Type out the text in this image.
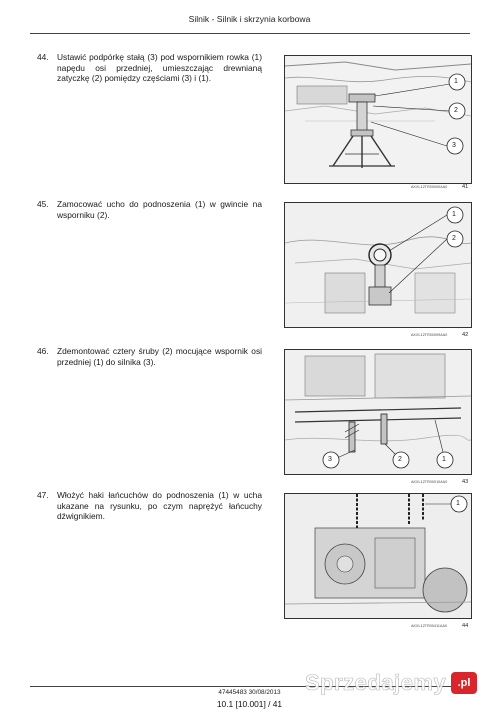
Silnik - Silnik i skrzynia korbowa
44. Ustawić podpórkę stałą (3) pod wspornikiem rowka (1) napędu osi przedniej, umieszczając drewnianą zatyczkę (2) pomiędzy częściami (3) i (1).	1
2
3
AKXL12TR00000AA0	41
45. Zamocować ucho do podnoszenia (1) w gwincie na wsporniku (2).	1
2
AKXL12TR00009AA0	42
46. Zdemontować cztery śruby (2) mocujące wspornik osi przedniej (1) do silnika (3).
3	2	1
AKXL12TR00010AA0	43
47. Włożyć haki łańcuchów do podnoszenia (1) w ucha ukazane na rysunku, po czym naprężyć łańcuchy dźwignikiem.
1
AKXL12TR00411AA0	44
47445483 30/08/2013
10.1 [10.001] / 41
Sprzedajemy	.pl
